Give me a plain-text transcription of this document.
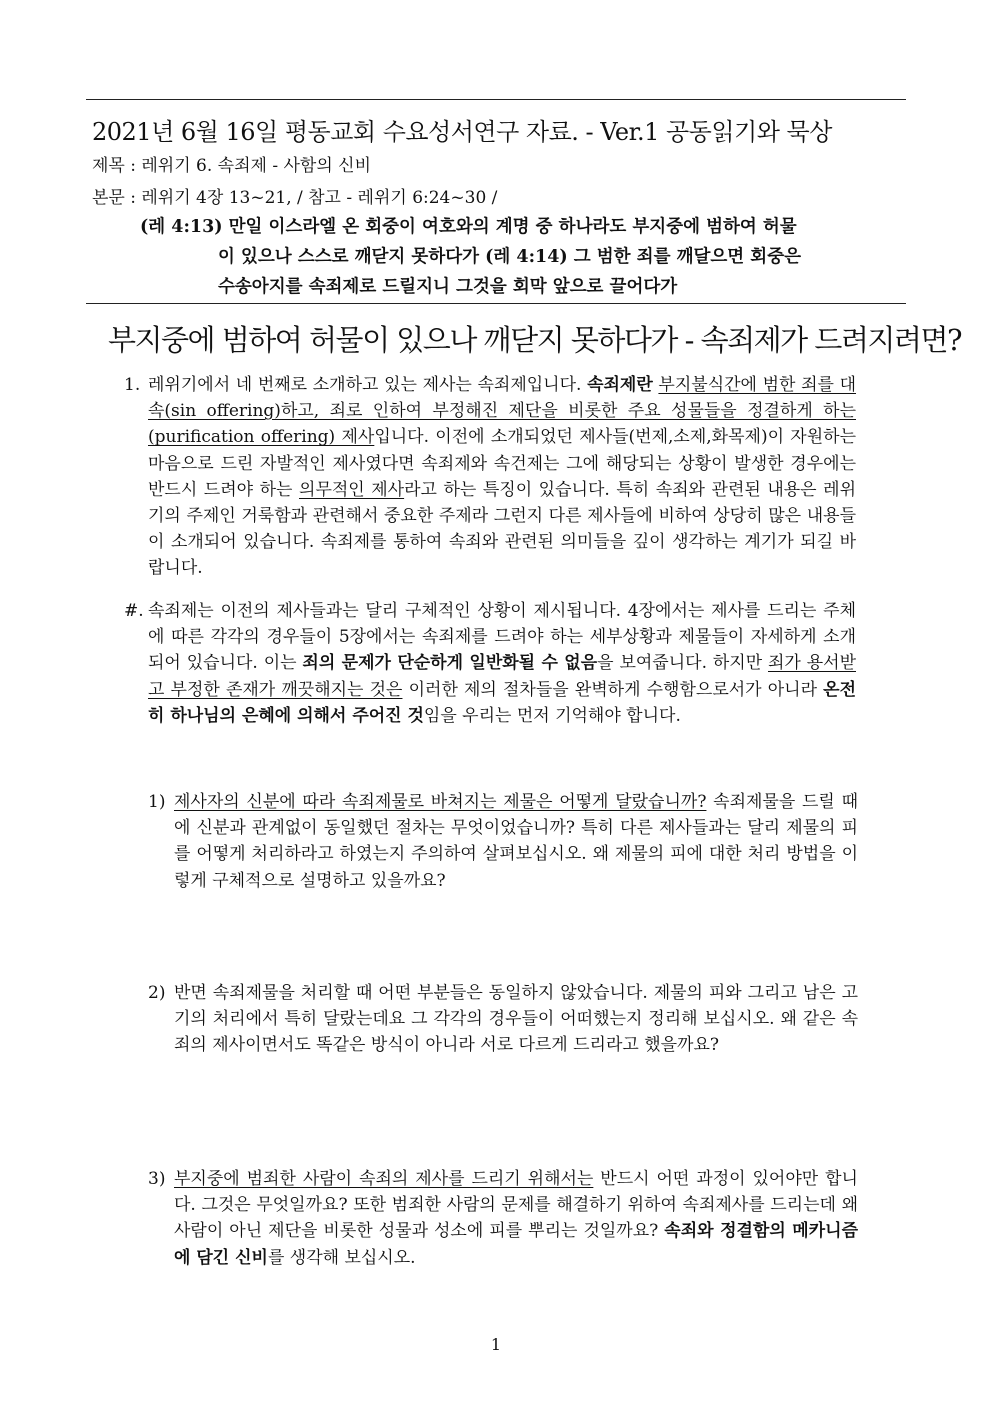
2021년 6월 16일 평동교회 수요성서연구 자료. - Ver.1 공동읽기와 묵상
제목 : 레위기 6. 속죄제 - 사함의 신비
본문 : 레위기 4장 13~21, / 참고 - 레위기 6:24~30 /
(레 4:13) 만일 이스라엘 온 회중이 여호와의 계명 중 하나라도 부지중에 범하여 허물
이 있으나 스스로 깨닫지 못하다가 (레 4:14) 그 범한 죄를 깨달으면 회중은
수송아지를 속죄제로 드릴지니 그것을 회막 앞으로 끌어다가
부지중에 범하여 허물이 있으나 깨닫지 못하다가 - 속죄제가 드려지려면?
1. 레위기에서 네 번째로 소개하고 있는 제사는 속죄제입니다. 속죄제란 부지불식간에 범한 죄를 대속(sin offering)하고, 죄로 인하여 부정해진 제단을 비롯한 주요 성물들을 정결하게 하는(purification offering) 제사입니다. 이전에 소개되었던 제사들(번제,소제,화목제)이 자원하는 마음으로 드린 자발적인 제사였다면 속죄제와 속건제는 그에 해당되는 상황이 발생한 경우에는 반드시 드려야 하는 의무적인 제사라고 하는 특징이 있습니다. 특히 속죄와 관련된 내용은 레위기의 주제인 거룩함과 관련해서 중요한 주제라 그런지 다른 제사들에 비하여 상당히 많은 내용들이 소개되어 있습니다. 속죄제를 통하여 속죄와 관련된 의미들을 깊이 생각하는 계기가 되길 바랍니다.
#. 속죄제는 이전의 제사들과는 달리 구체적인 상황이 제시됩니다. 4장에서는 제사를 드리는 주체에 따른 각각의 경우들이 5장에서는 속죄제를 드려야 하는 세부상황과 제물들이 자세하게 소개되어 있습니다. 이는 죄의 문제가 단순하게 일반화될 수 없음을 보여줍니다. 하지만 죄가 용서받고 부정한 존재가 깨끗해지는 것은 이러한 제의 절차들을 완벽하게 수행함으로서가 아니라 온전히 하나님의 은혜에 의해서 주어진 것임을 우리는 먼저 기억해야 합니다.
1) 제사자의 신분에 따라 속죄제물로 바쳐지는 제물은 어떻게 달랐습니까? 속죄제물을 드릴 때에 신분과 관계없이 동일했던 절차는 무엇이었습니까? 특히 다른 제사들과는 달리 제물의 피를 어떻게 처리하라고 하였는지 주의하여 살펴보십시오. 왜 제물의 피에 대한 처리 방법을 이렇게 구체적으로 설명하고 있을까요?
2) 반면 속죄제물을 처리할 때 어떤 부분들은 동일하지 않았습니다. 제물의 피와 그리고 남은 고기의 처리에서 특히 달랐는데요 그 각각의 경우들이 어떠했는지 정리해 보십시오. 왜 같은 속죄의 제사이면서도 똑같은 방식이 아니라 서로 다르게 드리라고 했을까요?
3) 부지중에 범죄한 사람이 속죄의 제사를 드리기 위해서는 반드시 어떤 과정이 있어야만 합니다. 그것은 무엇일까요? 또한 범죄한 사람의 문제를 해결하기 위하여 속죄제사를 드리는데 왜 사람이 아닌 제단을 비롯한 성물과 성소에 피를 뿌리는 것일까요? 속죄와 정결함의 메카니즘에 담긴 신비를 생각해 보십시오.
1
